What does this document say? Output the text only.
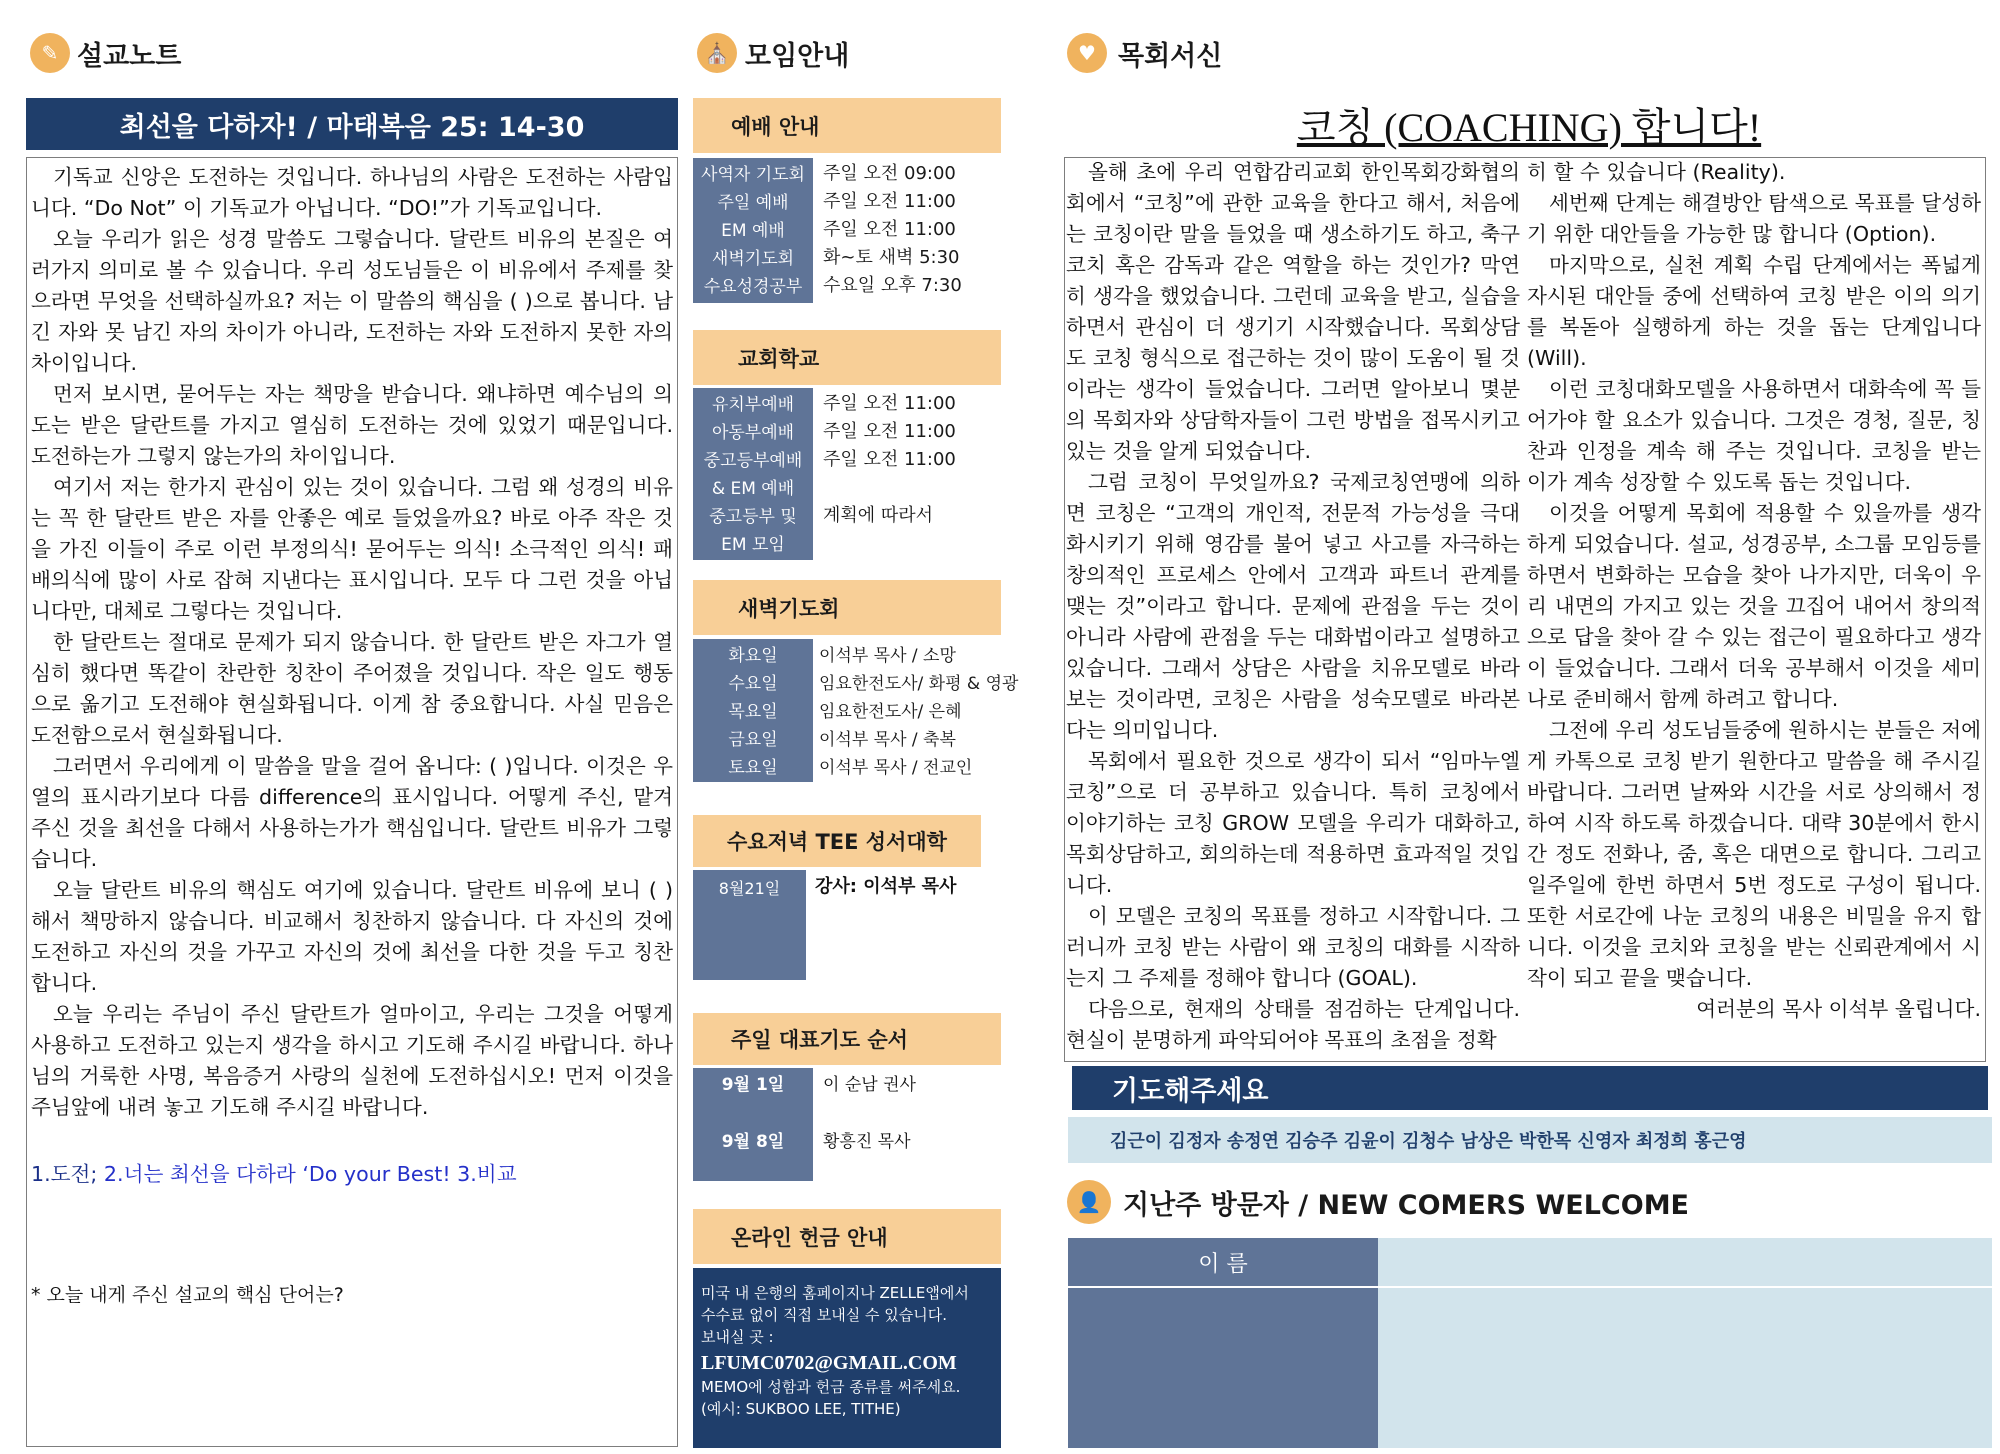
✎ 설교노트
최선을 다하자! / 마태복음 25: 14-30

기독교 신앙은 도전하는 것입니다. 하나님의 사람은 도전하는 사람입니다. “Do Not” 이 기독교가 아닙니다. “DO!”가 기독교입니다.

오늘 우리가 읽은 성경 말씀도 그렇습니다. 달란트 비유의 본질은 여러가지 의미로 볼 수 있습니다. 우리 성도님들은 이 비유에서 주제를 찾으라면 무엇을 선택하실까요? 저는 이 말씀의 핵심을 ( )으로 봅니다. 남긴 자와 못 남긴 자의 차이가 아니라, 도전하는 자와 도전하지 못한 자의 차이입니다.

먼저 보시면, 묻어두는 자는 책망을 받습니다. 왜냐하면 예수님의 의도는 받은 달란트를 가지고 열심히 도전하는 것에 있었기 때문입니다. 도전하는가 그렇지 않는가의 차이입니다.

여기서 저는 한가지 관심이 있는 것이 있습니다. 그럼 왜 성경의 비유는 꼭 한 달란트 받은 자를 안좋은 예로 들었을까요? 바로 아주 작은 것을 가진 이들이 주로 이런 부정의식! 묻어두는 의식! 소극적인 의식! 패배의식에 많이 사로 잡혀 지낸다는 표시입니다. 모두 다 그런 것을 아닙니다만, 대체로 그렇다는 것입니다.

한 달란트는 절대로 문제가 되지 않습니다. 한 달란트 받은 자그가 열심히 했다면 똑같이 찬란한 칭찬이 주어졌을 것입니다. 작은 일도 행동으로 옮기고 도전해야 현실화됩니다. 이게 참 중요합니다. 사실 믿음은 도전함으로서 현실화됩니다.

그러면서 우리에게 이 말씀을 말을 걸어 옵니다: ( )입니다. 이것은 우열의 표시라기보다 다름 difference의 표시입니다. 어떻게 주신, 맡겨 주신 것을 최선을 다해서 사용하는가가 핵심입니다. 달란트 비유가 그렇습니다.

오늘 달란트 비유의 핵심도 여기에 있습니다. 달란트 비유에 보니 ( )해서 책망하지 않습니다. 비교해서 칭찬하지 않습니다. 다 자신의 것에 도전하고 자신의 것을 가꾸고 자신의 것에 최선을 다한 것을 두고 칭찬합니다.

오늘 우리는 주님이 주신 달란트가 얼마이고, 우리는 그것을 어떻게 사용하고 도전하고 있는지 생각을 하시고 기도해 주시길 바랍니다. 하나님의 거룩한 사명, 복음증거 사랑의 실천에 도전하십시오! 먼저 이것을 주님앞에 내려 놓고 기도해 주시길 바랍니다.

1.도전; 2.너는 최선을 다하라 ‘Do your Best! 3.비교
* 오늘 내게 주신 설교의 핵심 단어는?
⛪ 모임안내
예배 안내
사역자 기도회	주일 오전 09:00
주일 예배	주일 오전 11:00
EM 예배	주일 오전 11:00
새벽기도회	화~토 새벽 5:30
수요성경공부	수요일 오후 7:30
교회학교
유치부예배	주일 오전 11:00
아동부예배	주일 오전 11:00
중고등부예배	주일 오전 11:00
& EM 예배
중고등부 및	계획에 따라서
EM 모임
새벽기도회
화요일	이석부 목사 / 소망
수요일	임요한전도사/ 화평 & 영광
목요일	임요한전도사/ 은혜
금요일	이석부 목사 / 축복
토요일	이석부 목사 / 전교인
수요저녁 TEE 성서대학
8월21일	강사: 이석부 목사
주일 대표기도 순서
9월 1일	이 순남 권사
9월 8일	황흥진 목사
온라인 헌금 안내
미국 내 은행의 홈페이지나 ZELLE앱에서
수수료 없이 직접 보내실 수 있습니다.
보내실 곳 :
LFUMC0702@GMAIL.COM
MEMO에 성함과 헌금 종류를 써주세요.
(예시: SUKBOO LEE, TITHE)
♥ 목회서신
코칭 (COACHING) 합니다!

올해 초에 우리 연합감리교회 한인목회강화협의회에서 “코칭”에 관한 교육을 한다고 해서, 처음에는 코칭이란 말을 들었을 때 생소하기도 하고, 축구 코치 혹은 감독과 같은 역할을 하는 것인가? 막연히 생각을 했었습니다. 그런데 교육을 받고, 실습을 하면서 관심이 더 생기기 시작했습니다. 목회상담도 코칭 형식으로 접근하는 것이 많이 도움이 될 것이라는 생각이 들었습니다. 그러면 알아보니 몇분의 목회자와 상담학자들이 그런 방법을 접목시키고 있는 것을 알게 되었습니다.

그럼 코칭이 무엇일까요? 국제코칭연맹에 의하면 코칭은 “고객의 개인적, 전문적 가능성을 극대화시키기 위해 영감를 불어 넣고 사고를 자극하는 창의적인 프로세스 안에서 고객과 파트너 관계를 맺는 것”이라고 합니다. 문제에 관점을 두는 것이 아니라 사람에 관점을 두는 대화법이라고 설명하고 있습니다. 그래서 상담은 사람을 치유모델로 바라보는 것이라면, 코칭은 사람을 성숙모델로 바라본다는 의미입니다.

목회에서 필요한 것으로 생각이 되서 “임마누엘 코칭”으로 더 공부하고 있습니다. 특히 코칭에서 이야기하는 코칭 GROW 모델을 우리가 대화하고, 목회상담하고, 회의하는데 적용하면 효과적일 것입니다.

이 모델은 코칭의 목표를 정하고 시작합니다. 그러니까 코칭 받는 사람이 왜 코칭의 대화를 시작하는지 그 주제를 정해야 합니다 (GOAL).

다음으로, 현재의 상태를 점검하는 단계입니다. 현실이 분명하게 파악되어야 목표의 초점을 정확

히 할 수 있습니다 (Reality).

세번째 단계는 해결방안 탐색으로 목표를 달성하기 위한 대안들을 가능한 많 합니다 (Option).

마지막으로, 실천 계획 수립 단계에서는 폭넓게 자시된 대안들 중에 선택하여 코칭 받은 이의 의기를 복돋아 실행하게 하는 것을 돕는 단계입니다 (Will).

이런 코칭대화모델을 사용하면서 대화속에 꼭 들어가야 할 요소가 있습니다. 그것은 경청, 질문, 칭찬과 인정을 계속 해 주는 것입니다. 코칭을 받는 이가 계속 성장할 수 있도록 돕는 것입니다.

이것을 어떻게 목회에 적용할 수 있을까를 생각하게 되었습니다. 설교, 성경공부, 소그룹 모임등를 하면서 변화하는 모습을 찾아 나가지만, 더욱이 우리 내면의 가지고 있는 것을 끄집어 내어서 창의적으로 답을 찾아 갈 수 있는 접근이 필요하다고 생각이 들었습니다. 그래서 더욱 공부해서 이것을 세미나로 준비해서 함께 하려고 합니다.

그전에 우리 성도님들중에 원하시는 분들은 저에게 카톡으로 코칭 받기 원한다고 말씀을 해 주시길 바랍니다. 그러면 날짜와 시간을 서로 상의해서 정하여 시작 하도록 하겠습니다. 대략 30분에서 한시간 정도 전화나, 줌, 혹은 대면으로 합니다. 그리고 일주일에 한번 하면서 5번 정도로 구성이 됩니다. 또한 서로간에 나눈 코칭의 내용은 비밀을 유지 합니다. 이것을 코치와 코칭을 받는 신뢰관계에서 시작이 되고 끝을 맺습니다.

여러분의 목사 이석부 올립니다.
기도해주세요
김근이 김정자 송정연 김승주 김윤이 김청수 남상은 박한목 신영자 최정희 홍근영
👤 지난주 방문자 / NEW COMERS WELCOME
이 름
